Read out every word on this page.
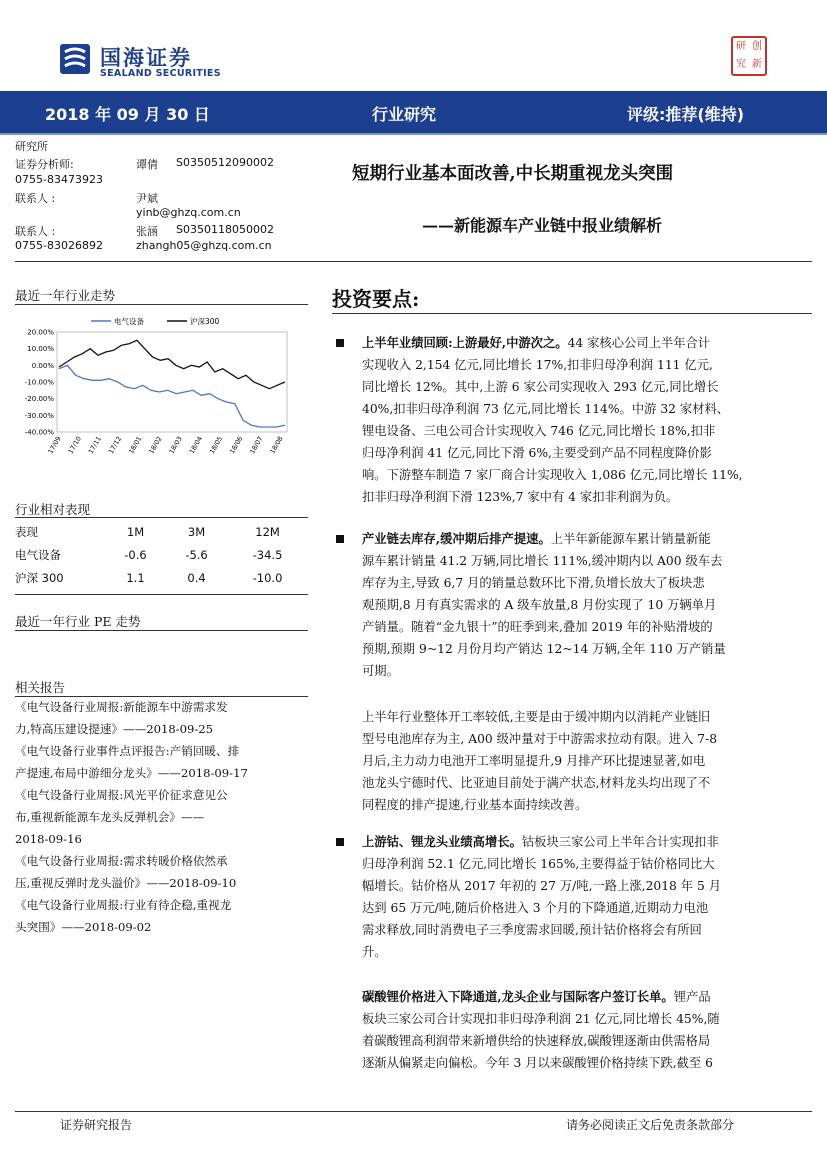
国海证券
SEALAND SECURITIES
研 创
究 新
2018 年 09 月 30 日	行业研究	评级:推荐(维持)
研究所
证券分析师:	谭倩 S0350512090002
0755-83473923
联系人 :	尹斌
yinb@ghzq.com.cn
联系人 :	张涵 S0350118050002
0755-83026892	zhangh05@ghzq.com.cn
短期行业基本面改善,中长期重视龙头突围
——新能源车产业链中报业绩解析
最近一年行业走势
电气设备	沪深300
20.00%
10.00%
0.00%
-10.00%
-20.00%
-30.00%
-40.00%
17/09 17/10 17/11 17/12 18/01 18/02 18/03 18/04 18/05 18/06 18/07 18/08
行业相对表现
表现	1M	3M	12M
电气设备	-0.6	-5.6	-34.5
沪深 300	1.1	0.4	-10.0
最近一年行业 PE 走势
相关报告
《电气设备行业周报:新能源车中游需求发
力,特高压建设提速》——2018-09-25
《电气设备行业事件点评报告:产销回暖、排
产提速,布局中游细分龙头》——2018-09-17
《电气设备行业周报:风光平价征求意见公
布,重视新能源车龙头反弹机会》——
2018-09-16
《电气设备行业周报:需求转暖价格依然承
压,重视反弹时龙头溢价》——2018-09-10
《电气设备行业周报:行业有待企稳,重视龙
头突围》——2018-09-02
投资要点:
上半年业绩回顾:上游最好,中游次之。44 家核心公司上半年合计
实现收入 2,154 亿元,同比增长 17%,扣非归母净利润 111 亿元,
同比增长 12%。其中,上游 6 家公司实现收入 293 亿元,同比增长
40%,扣非归母净利润 73 亿元,同比增长 114%。中游 32 家材料、
锂电设备、三电公司合计实现收入 746 亿元,同比增长 18%,扣非
归母净利润 41 亿元,同比下滑 6%,主要受到产品不同程度降价影
响。下游整车制造 7 家厂商合计实现收入 1,086 亿元,同比增长 11%,
扣非归母净利润下滑 123%,7 家中有 4 家扣非利润为负。
产业链去库存,缓冲期后排产提速。上半年新能源车累计销量新能
源车累计销量 41.2 万辆,同比增长 111%,缓冲期内以 A00 级车去
库存为主,导致 6,7 月的销量总数环比下滑,负增长放大了板块悲
观预期,8 月有真实需求的 A 级车放量,8 月份实现了 10 万辆单月
产销量。随着“金九银十”的旺季到来,叠加 2019 年的补贴滑坡的
预期,预期 9~12 月份月均产销达 12~14 万辆,全年 110 万产销量
可期。
上半年行业整体开工率较低,主要是由于缓冲期内以消耗产业链旧
型号电池库存为主, A00 级冲量对于中游需求拉动有限。进入 7-8
月后,主力动力电池开工率明显提升,9 月排产环比提速显著,如电
池龙头宁德时代、比亚迪目前处于满产状态,材料龙头均出现了不
同程度的排产提速,行业基本面持续改善。
上游钴、锂龙头业绩高增长。钴板块三家公司上半年合计实现扣非
归母净利润 52.1 亿元,同比增长 165%,主要得益于钴价格同比大
幅增长。钴价格从 2017 年初的 27 万/吨,一路上涨,2018 年 5 月
达到 65 万元/吨,随后价格进入 3 个月的下降通道,近期动力电池
需求释放,同时消费电子三季度需求回暖,预计钴价格将会有所回
升。
碳酸锂价格进入下降通道,龙头企业与国际客户签订长单。锂产品
板块三家公司合计实现扣非归母净利润 21 亿元,同比增长 45%,随
着碳酸锂高利润带来新增供给的快速释放,碳酸锂逐渐由供需格局
逐渐从偏紧走向偏松。今年 3 月以来碳酸锂价格持续下跌,截至 6
证券研究报告	请务必阅读正文后免责条款部分
